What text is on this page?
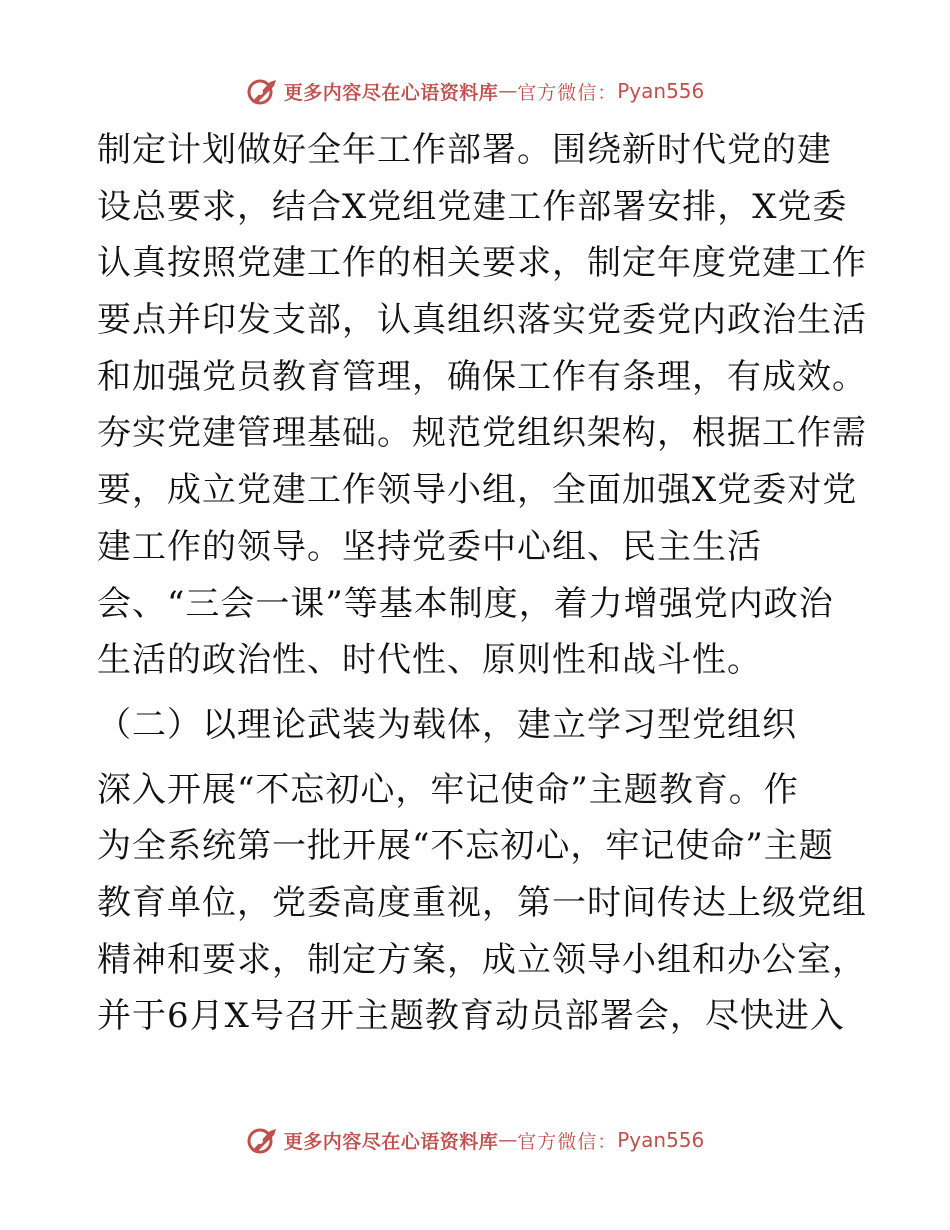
更多内容尽在心语资料库 — 官方微信： Pyan556
制定计划做好全年工作部署。围绕新时代党的建
设总要求，结合X党组党建工作部署安排，X党委
认真按照党建工作的相关要求，制定年度党建工作
要点并印发支部，认真组织落实党委党内政治生活
和加强党员教育管理，确保工作有条理，有成效。
夯实党建管理基础。规范党组织架构，根据工作需
要，成立党建工作领导小组，全面加强X党委对党
建工作的领导。坚持党委中心组、民主生活
会、“三会一课”等基本制度，着力增强党内政治
生活的政治性、时代性、原则性和战斗性。
（二）以理论武装为载体，建立学习型党组织
深入开展“不忘初心，牢记使命”主题教育。作
为全系统第一批开展“不忘初心，牢记使命”主题
教育单位，党委高度重视，第一时间传达上级党组
精神和要求，制定方案，成立领导小组和办公室，
并于6月X号召开主题教育动员部署会，尽快进入
更多内容尽在心语资料库 — 官方微信： Pyan556
